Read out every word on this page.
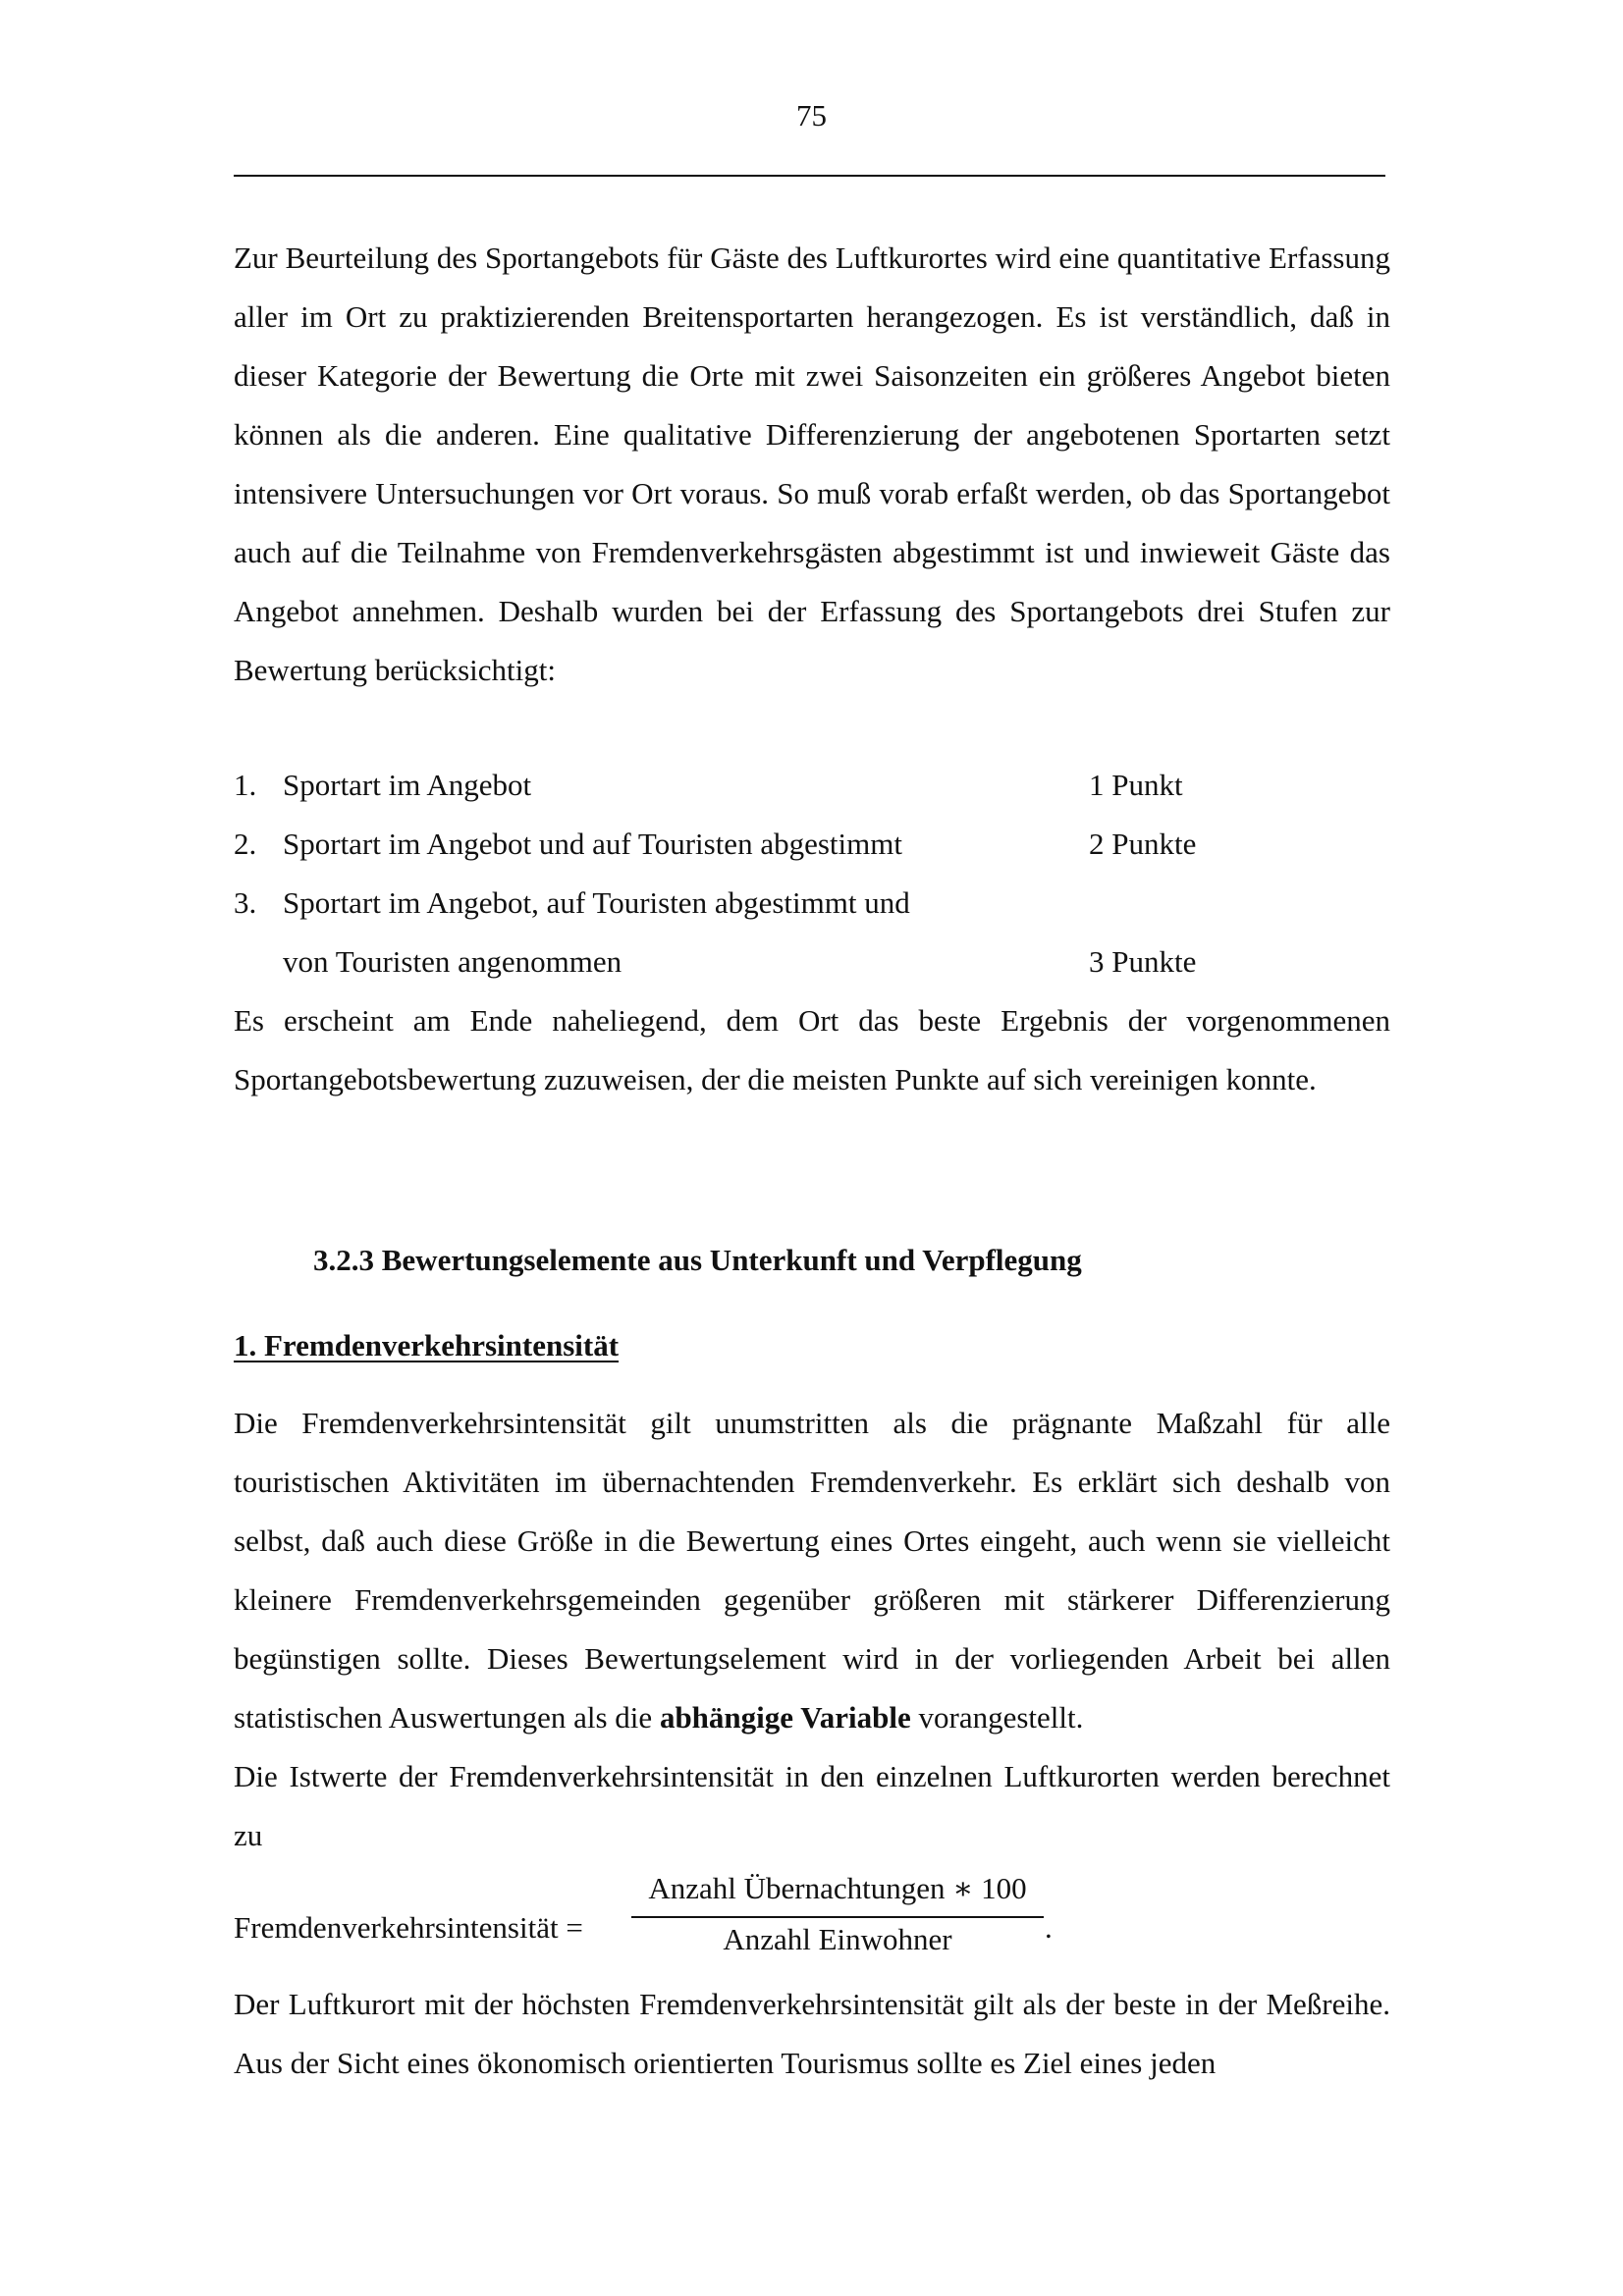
75

Zur Beurteilung des Sportangebots für Gäste des Luftkurortes wird eine quantitative Erfassung aller im Ort zu praktizierenden Breitensportarten herangezogen. Es ist verständlich, daß in dieser Kategorie der Bewertung die Orte mit zwei Saisonzeiten ein größeres Angebot bieten können als die anderen. Eine qualitative Differenzierung der angebotenen Sportarten setzt intensivere Untersuchungen vor Ort voraus. So muß vorab erfaßt werden, ob das Sportangebot auch auf die Teilnahme von Fremdenverkehrsgästen abgestimmt ist und inwieweit Gäste das Angebot annehmen. Deshalb wurden bei der Erfassung des Sportangebots drei Stufen zur Bewertung berücksichtigt:

1. Sportart im Angebot	1 Punkt
2. Sportart im Angebot und auf Touristen abgestimmt	2 Punkte
3. Sportart im Angebot, auf Touristen abgestimmt und
von Touristen angenommen	3 Punkte

Es erscheint am Ende naheliegend, dem Ort das beste Ergebnis der vorgenommenen Sportangebotsbewertung zuzuweisen, der die meisten Punkte auf sich vereinigen konnte.

3.2.3 Bewertungselemente aus Unterkunft und Verpflegung
1. Fremdenverkehrsintensität

Die Fremdenverkehrsintensität gilt unumstritten als die prägnante Maßzahl für alle touristischen Aktivitäten im übernachtenden Fremdenverkehr. Es erklärt sich deshalb von selbst, daß auch diese Größe in die Bewertung eines Ortes eingeht, auch wenn sie vielleicht kleinere Fremdenverkehrsgemeinden gegenüber größeren mit stärkerer Differenzierung begünstigen sollte. Dieses Bewertungselement wird in der vorliegenden Arbeit bei allen statistischen Auswertungen als die abhängige Variable vorangestellt.

Die Istwerte der Fremdenverkehrsintensität in den einzelnen Luftkurorten werden berechnet zu

Fremdenverkehrsintensität =
Anzahl Übernachtungen ∗ 100
Anzahl Einwohner	.

Der Luftkurort mit der höchsten Fremdenverkehrsintensität gilt als der beste in der Meßreihe. Aus der Sicht eines ökonomisch orientierten Tourismus sollte es Ziel eines jeden
